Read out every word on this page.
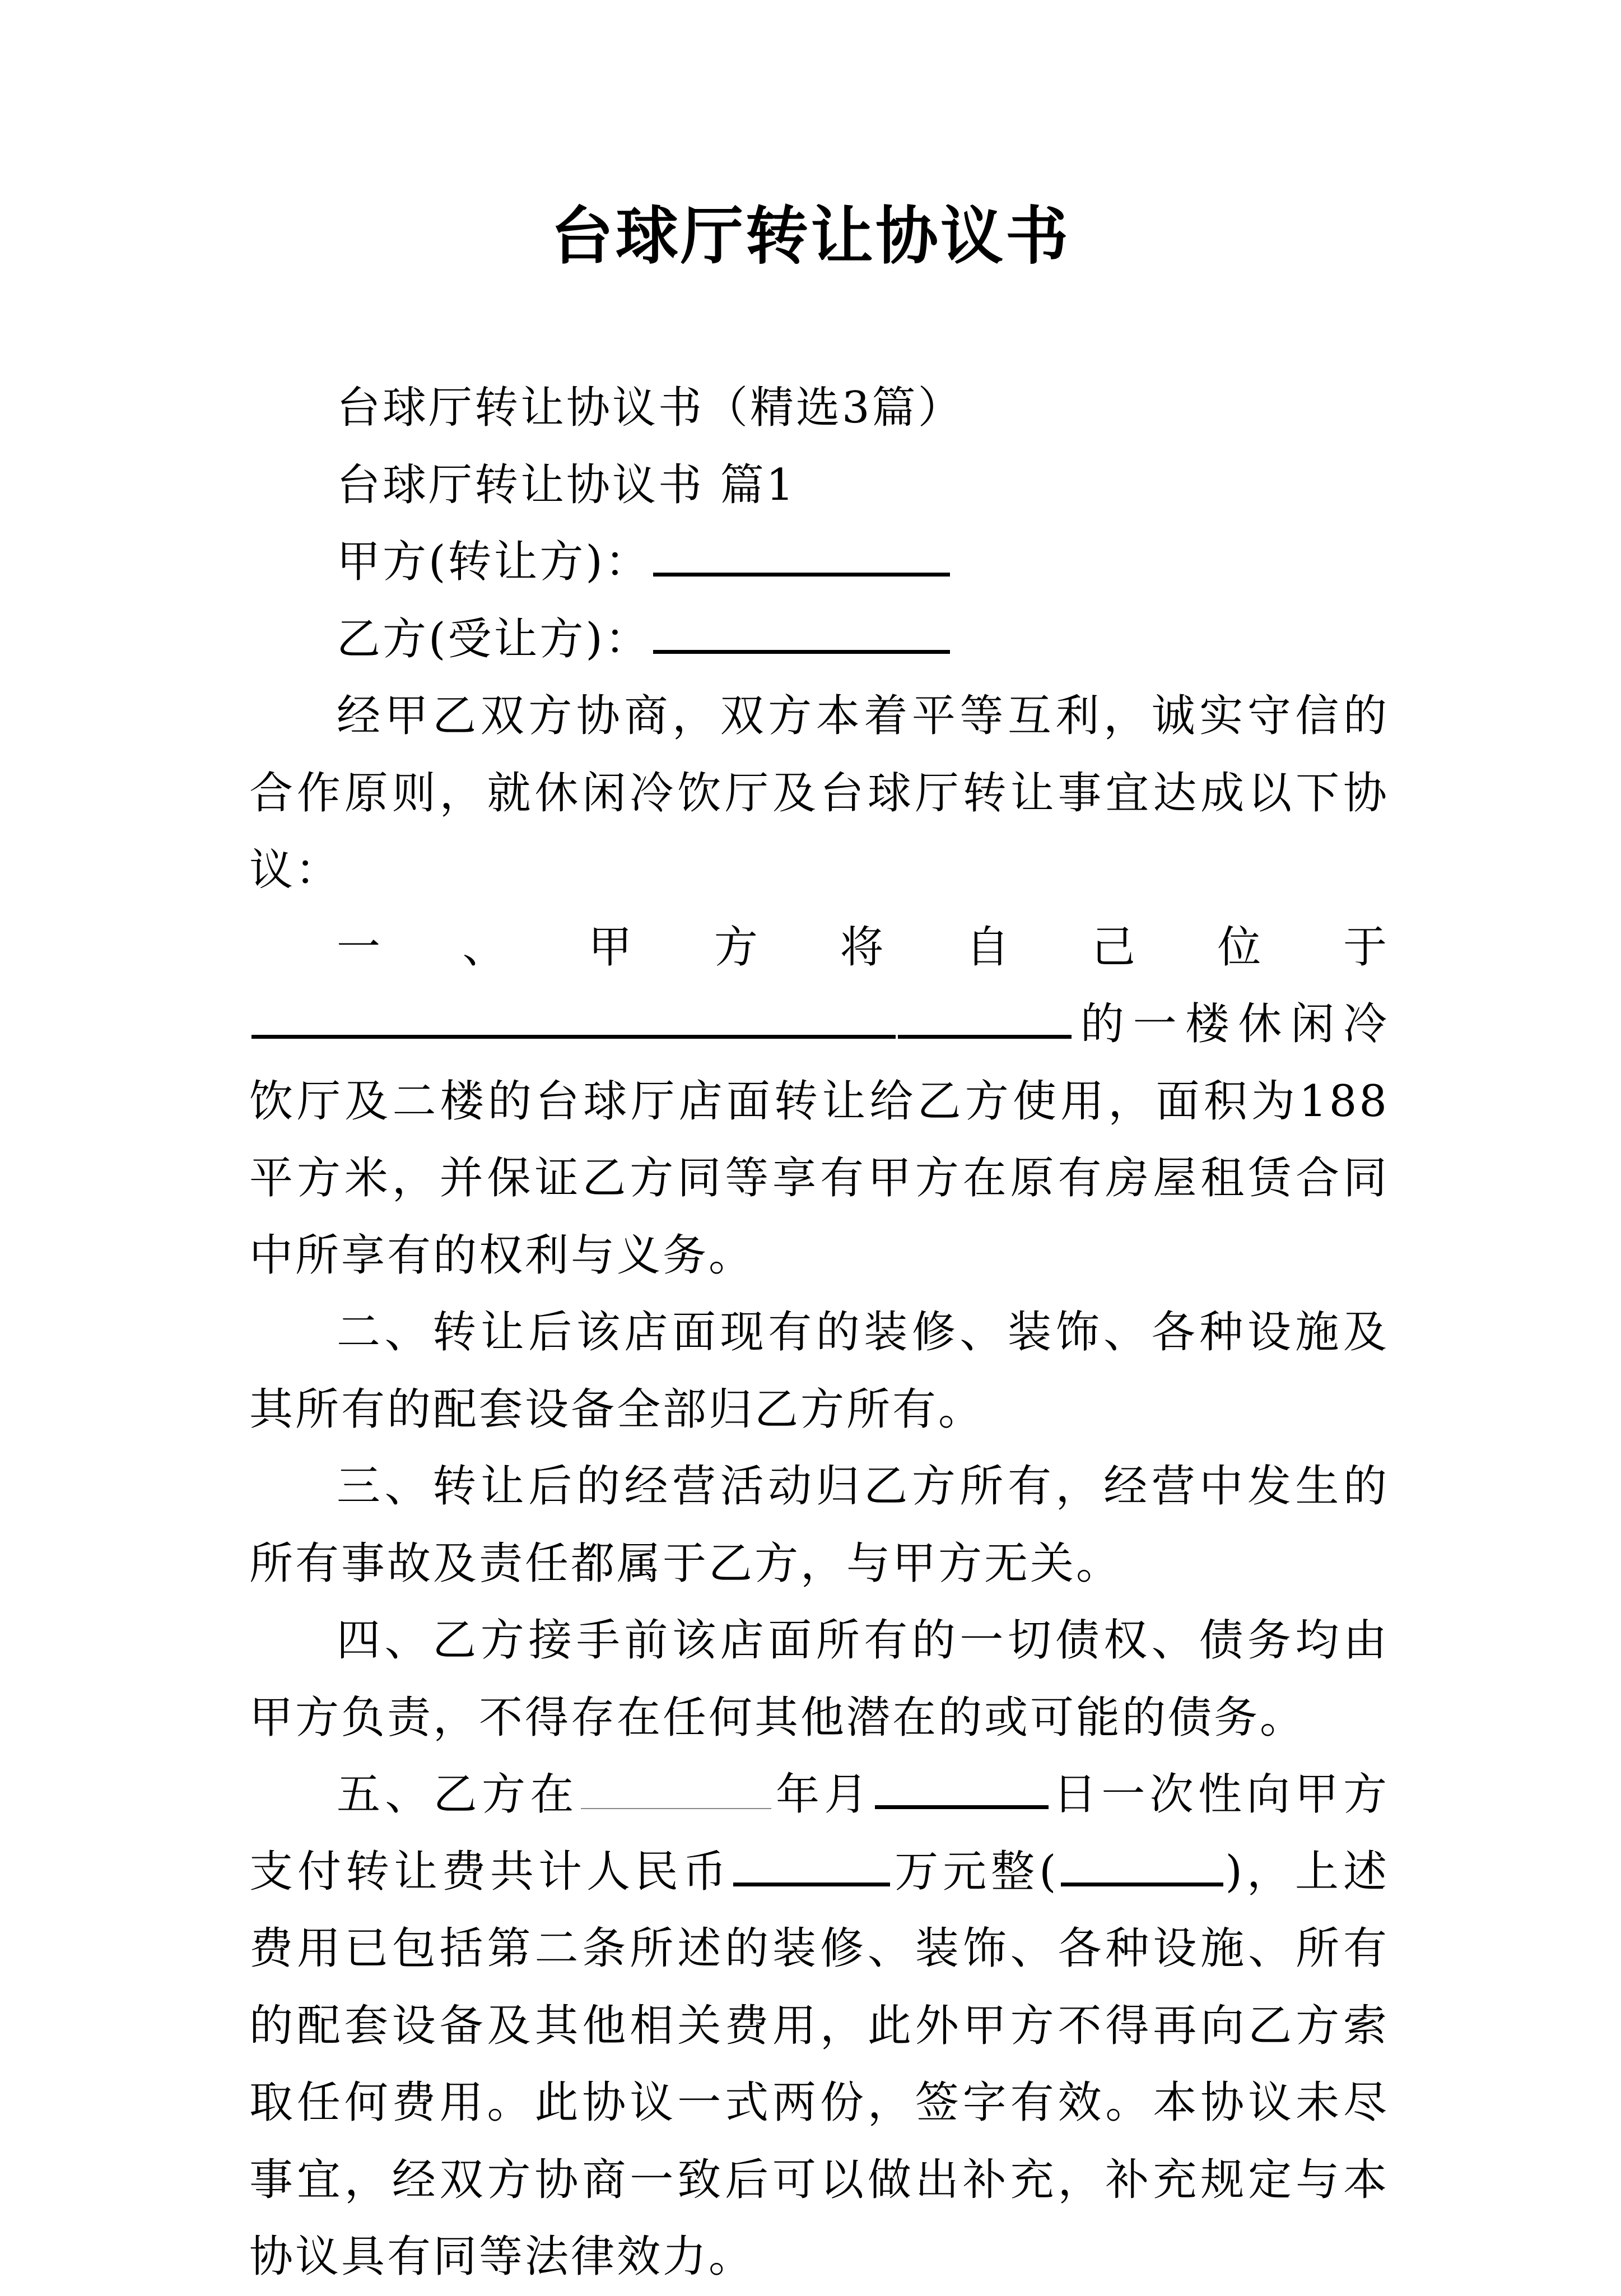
台球厅转让协议书

台球厅转让协议书（精选3篇）

台球厅转让协议书 篇1

甲方(转让方)：

乙方(受让方)：

经甲乙双方协商，双方本着平等互利，诚实守信的合作原则，就休闲冷饮厅及台球厅转让事宜达成以下协议：

一、甲方将自己位于的一楼休闲冷饮厅及二楼的台球厅店面转让给乙方使用，面积为188平方米，并保证乙方同等享有甲方在原有房屋租赁合同中所享有的权利与义务。

二、转让后该店面现有的装修、装饰、各种设施及其所有的配套设备全部归乙方所有。

三、转让后的经营活动归乙方所有，经营中发生的所有事故及责任都属于乙方，与甲方无关。

四、乙方接手前该店面所有的一切债权、债务均由甲方负责，不得存在任何其他潜在的或可能的债务。

五、乙方在	年月	日一次性向甲方支付转让费共计人民币	万元整(	)，上述费用已包括第二条所述的装修、装饰、各种设施、所有的配套设备及其他相关费用，此外甲方不得再向乙方索取任何费用。此协议一式两份，签字有效。本协议未尽事宜，经双方协商一致后可以做出补充，补充规定与本协议具有同等法律效力。
